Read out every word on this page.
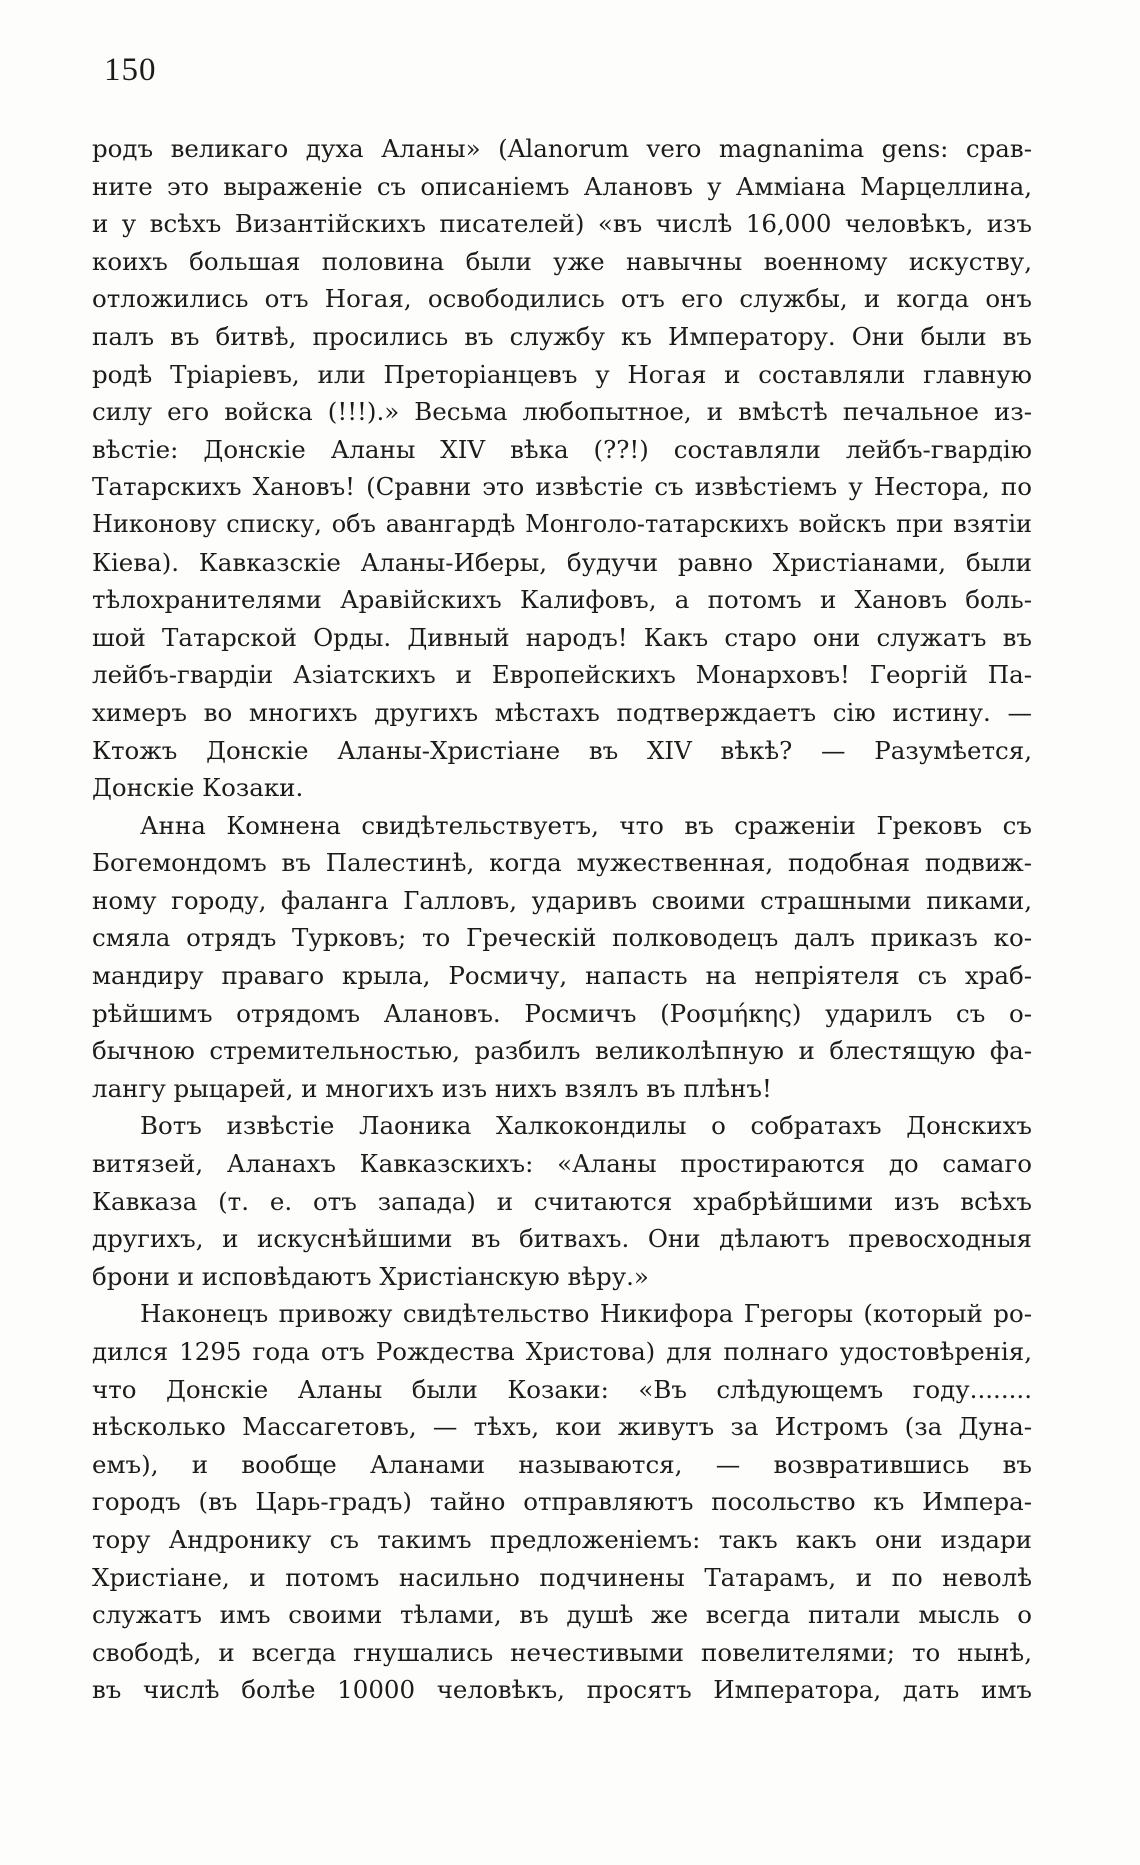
150
родъ великаго духа Аланы» (Alanorum vero magnanima gens: срав-
ните это выраженіе съ описаніемъ Алановъ у Амміана Марцеллина,
и у всѣхъ Византійскихъ писателей) «въ числѣ 16,000 человѣкъ, изъ
коихъ большая половина были уже навычны военному искуству,
отложились отъ Ногая, освободились отъ его службы, и когда онъ
палъ въ битвѣ, просились въ службу къ Императору. Они были въ
родѣ Тріаріевъ, или Преторіанцевъ у Ногая и составляли главную
силу его войска (!!!).» Весьма любопытное, и вмѣстѣ печальное из-
вѣстіе: Донскіе Аланы XIV вѣка (??!) составляли лейбъ-гвардію
Татарскихъ Хановъ! (Сравни это извѣстіе съ извѣстіемъ у Нестора, по
Никонову списку, объ авангардѣ Монголо-татарскихъ войскъ при взятіи
Кіева). Кавказскіе Аланы-Иберы, будучи равно Христіанами, были
тѣлохранителями Аравійскихъ Калифовъ, а потомъ и Хановъ боль-
шой Татарской Орды. Дивный народъ! Какъ старо они служатъ въ
лейбъ-гвардіи Азіатскихъ и Европейскихъ Монарховъ! Георгій Па-
химеръ во многихъ другихъ мѣстахъ подтверждаетъ сію истину. —
Ктожъ Донскіе Аланы-Христіане въ XIV вѣкѣ? — Разумѣется,
Донскіе Козаки.
Анна Комнена свидѣтельствуетъ, что въ сраженіи Грековъ съ
Богемондомъ въ Палестинѣ, когда мужественная, подобная подвиж-
ному городу, фаланга Галловъ, ударивъ своими страшными пиками,
смяла отрядъ Турковъ; то Греческій полководецъ далъ приказъ ко-
мандиру праваго крыла, Росмичу, напасть на непріятеля съ храб-
рѣйшимъ отрядомъ Алановъ. Росмичъ (Ροσμήκης) ударилъ съ о-
бычною стремительностью, разбилъ великолѣпную и блестящую фа-
лангу рыцарей, и многихъ изъ нихъ взялъ въ плѣнъ!
Вотъ извѣстіе Лаоника Халкокондилы о собратахъ Донскихъ
витязей, Аланахъ Кавказскихъ: «Аланы простираются до самаго
Кавказа (т. е. отъ запада) и считаются храбрѣйшими изъ всѣхъ
другихъ, и искуснѣйшими въ битвахъ. Они дѣлаютъ превосходныя
брони и исповѣдаютъ Христіанскую вѣру.»
Наконецъ привожу свидѣтельство Никифора Грегоры (который ро-
дился 1295 года отъ Рождества Христова) для полнаго удостовѣренія,
что Донскіе Аланы были Козаки: «Въ слѣдующемъ году........
нѣсколько Массагетовъ, — тѣхъ, кои живутъ за Истромъ (за Дуна-
емъ), и вообще Аланами называются, — возвратившись въ
городъ (въ Царь-градъ) тайно отправляютъ посольство къ Импера-
тору Андронику съ такимъ предложеніемъ: такъ какъ они издари
Христіане, и потомъ насильно подчинены Татарамъ, и по неволѣ
служатъ имъ своими тѣлами, въ душѣ же всегда питали мысль о
свободѣ, и всегда гнушались нечестивыми повелителями; то нынѣ,
въ числѣ болѣе 10000 человѣкъ, просятъ Императора, дать имъ
